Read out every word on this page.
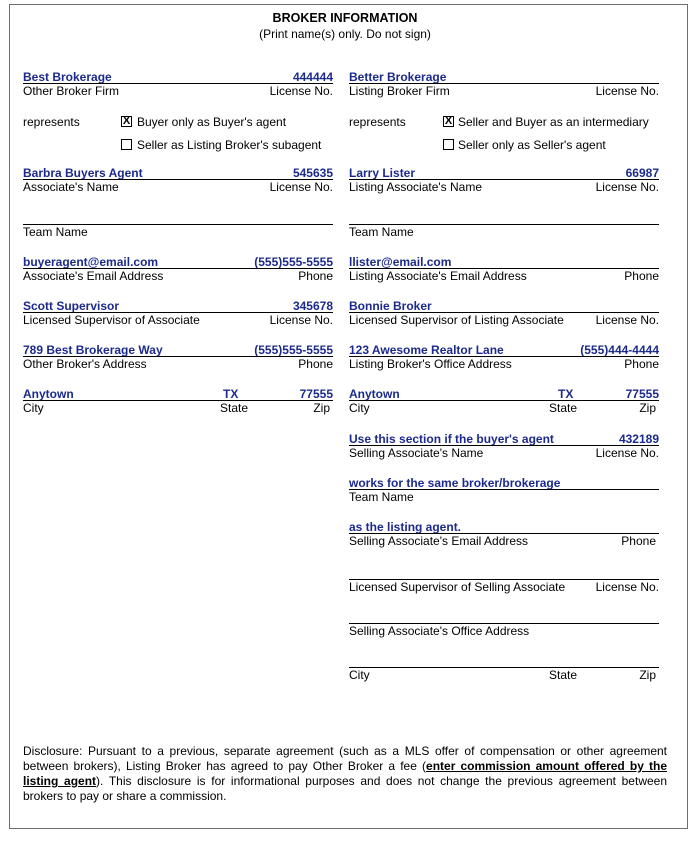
BROKER INFORMATION
(Print name(s) only. Do not sign)
Best Brokerage	444444
Other Broker Firm	License No.
represents	X Buyer only as Buyer's agent
Seller as Listing Broker's subagent
Barbra Buyers Agent	545635
Associate's Name	License No.
Team Name
buyeragent@email.com	(555)555-5555
Associate's Email Address	Phone
Scott Supervisor	345678
Licensed Supervisor of Associate	License No.
789 Best Brokerage Way	(555)555-5555
Other Broker's Address	Phone
Anytown	TX	77555
City	State	Zip
Better Brokerage
Listing Broker Firm	License No.
represents	X Seller and Buyer as an intermediary
Seller only as Seller's agent
Larry Lister	66987
Listing Associate's Name	License No.
Team Name
llister@email.com
Listing Associate's Email Address	Phone
Bonnie Broker
Licensed Supervisor of Listing Associate	License No.
123 Awesome Realtor Lane	(555)444-4444
Listing Broker's Office Address	Phone
Anytown	TX	77555
City	State	Zip
Use this section if the buyer's agent	432189
Selling Associate's Name	License No.
works for the same broker/brokerage
Team Name
as the listing agent.
Selling Associate's Email Address	Phone
Licensed Supervisor of Selling Associate	License No.
Selling Associate's Office Address
City	State	Zip
Disclosure: Pursuant to a previous, separate agreement (such as a MLS offer of compensation or other agreement between brokers), Listing Broker has agreed to pay Other Broker a fee (enter commission amount offered by the listing agent). This disclosure is for informational purposes and does not change the previous agreement between brokers to pay or share a commission.
